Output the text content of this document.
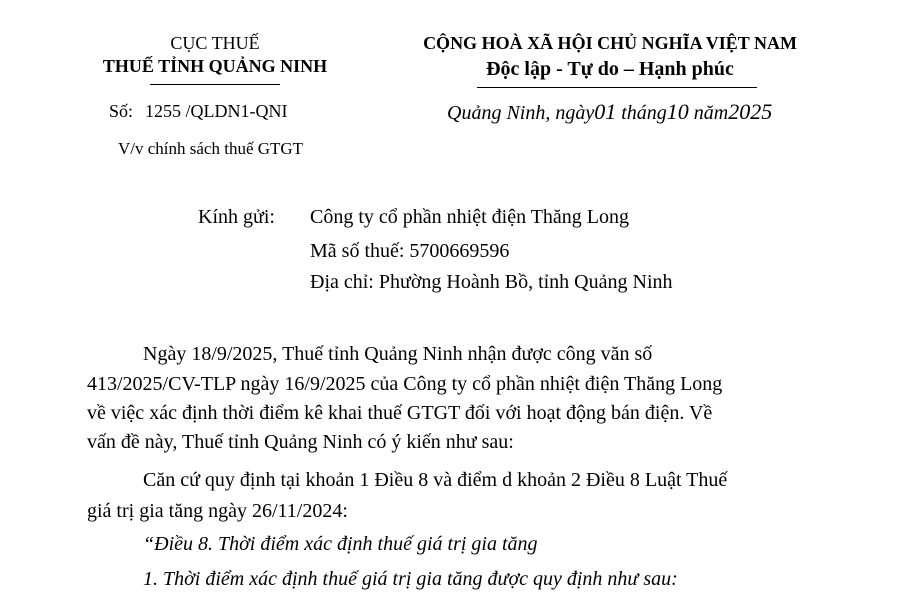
CỤC THUẾ
THUẾ TỈNH QUẢNG NINH
Số: 1255 /QLDN1-QNI
V/v chính sách thuế GTGT
CỘNG HOÀ XÃ HỘI CHỦ NGHĨA VIỆT NAM
Độc lập - Tự do – Hạnh phúc
Quảng Ninh, ngày01 tháng10 năm2025
Kính gửi: Công ty cổ phần nhiệt điện Thăng Long
Mã số thuế: 5700669596
Địa chỉ: Phường Hoành Bồ, tỉnh Quảng Ninh
Ngày 18/9/2025, Thuế tỉnh Quảng Ninh nhận được công văn số
413/2025/CV-TLP ngày 16/9/2025 của Công ty cổ phần nhiệt điện Thăng Long
về việc xác định thời điểm kê khai thuế GTGT đối với hoạt động bán điện. Về
vấn đề này, Thuế tỉnh Quảng Ninh có ý kiến như sau:
Căn cứ quy định tại khoản 1 Điều 8 và điểm d khoản 2 Điều 8 Luật Thuế
giá trị gia tăng ngày 26/11/2024:
“Điều 8. Thời điểm xác định thuế giá trị gia tăng
1. Thời điểm xác định thuế giá trị gia tăng được quy định như sau:
